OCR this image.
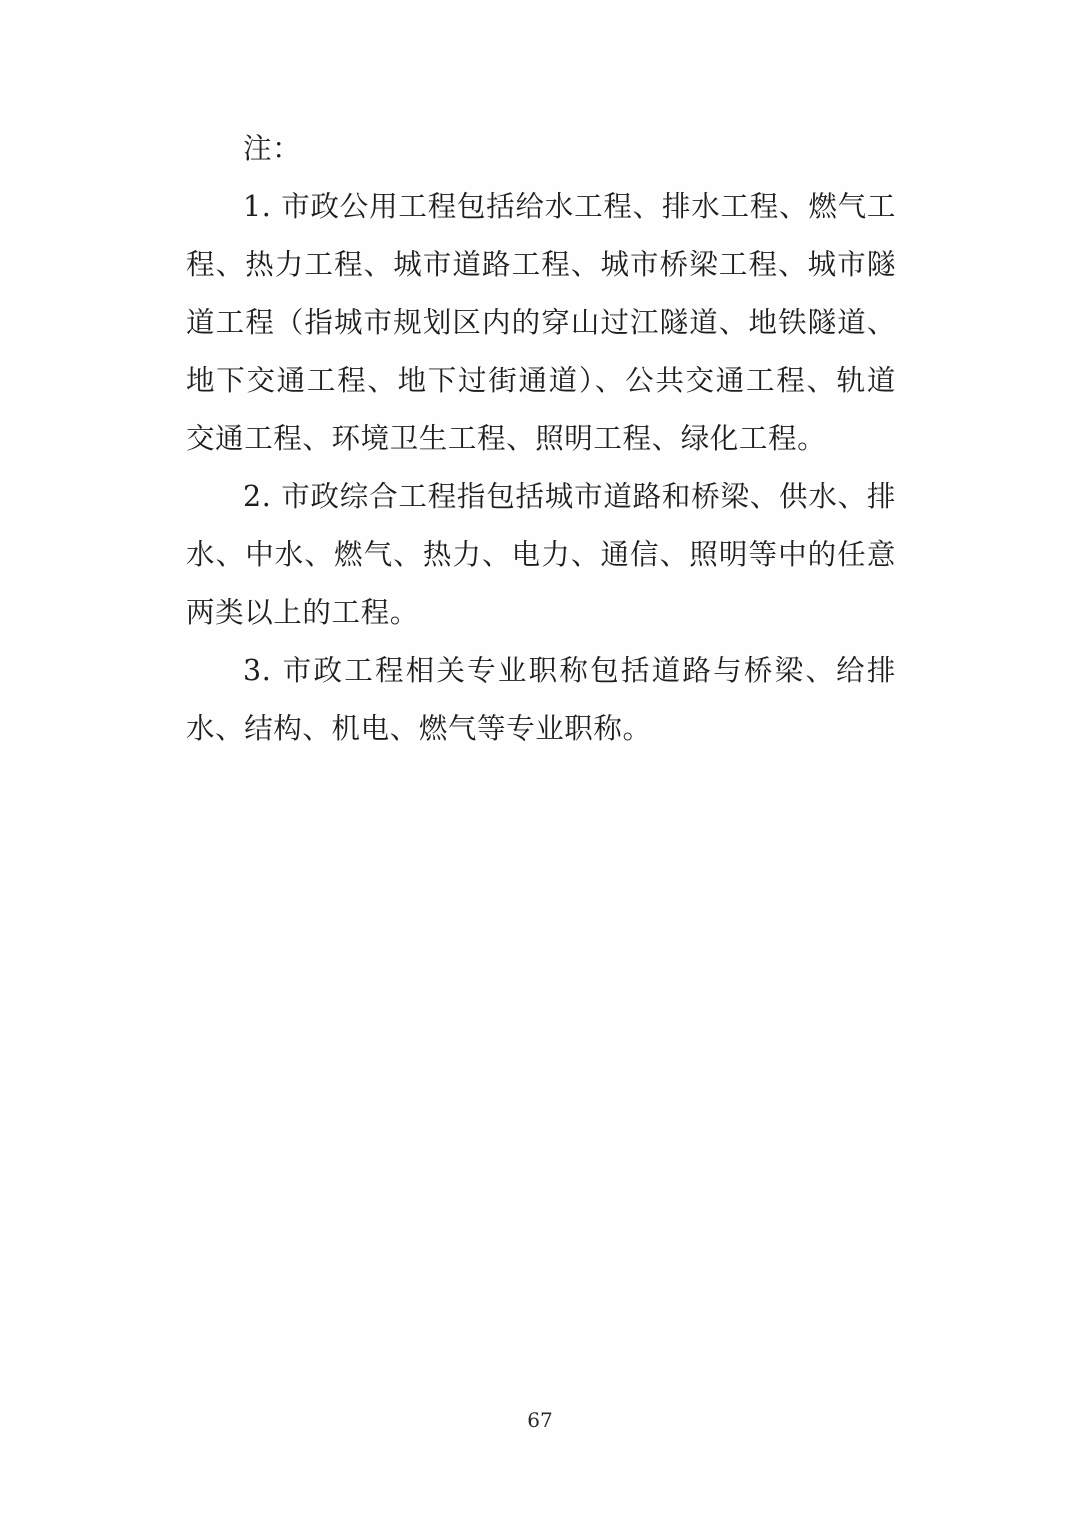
注：

1. 市政公用工程包括给水工程、排水工程、燃气工程、热力工程、城市道路工程、城市桥梁工程、城市隧道工程（指城市规划区内的穿山过江隧道、地铁隧道、地下交通工程、地下过街通道）、公共交通工程、轨道交通工程、环境卫生工程、照明工程、绿化工程。

2. 市政综合工程指包括城市道路和桥梁、供水、排水、中水、燃气、热力、电力、通信、照明等中的任意两类以上的工程。

3. 市政工程相关专业职称包括道路与桥梁、给排水、结构、机电、燃气等专业职称。

67
